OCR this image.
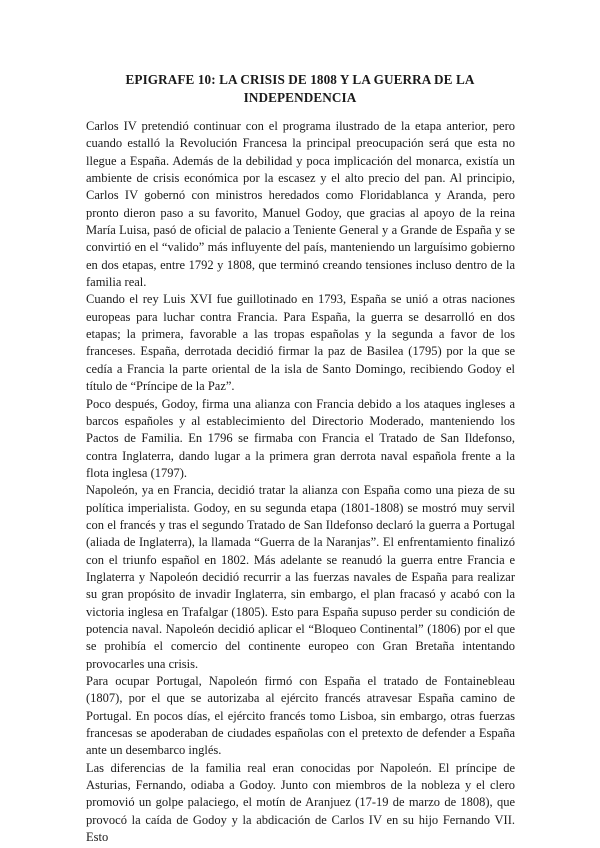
EPIGRAFE 10: LA CRISIS DE 1808 Y LA GUERRA DE LA INDEPENDENCIA

Carlos IV pretendió continuar con el programa ilustrado de la etapa anterior, pero cuando estalló la Revolución Francesa la principal preocupación será que esta no llegue a España. Además de la debilidad y poca implicación del monarca, existía un ambiente de crisis económica por la escasez y el alto precio del pan. Al principio, Carlos IV gobernó con ministros heredados como Floridablanca y Aranda, pero pronto dieron paso a su favorito, Manuel Godoy, que gracias al apoyo de la reina María Luisa, pasó de oficial de palacio a Teniente General y a Grande de España y se convirtió en el “valido” más influyente del país, manteniendo un larguísimo gobierno en dos etapas, entre 1792 y 1808, que terminó creando tensiones incluso dentro de la familia real.

Cuando el rey Luis XVI fue guillotinado en 1793, España se unió a otras naciones europeas para luchar contra Francia. Para España, la guerra se desarrolló en dos etapas; la primera, favorable a las tropas españolas y la segunda a favor de los franceses. España, derrotada decidió firmar la paz de Basilea (1795) por la que se cedía a Francia la parte oriental de la isla de Santo Domingo, recibiendo Godoy el título de “Príncipe de la Paz”.

Poco después, Godoy, firma una alianza con Francia debido a los ataques ingleses a barcos españoles y al establecimiento del Directorio Moderado, manteniendo los Pactos de Familia. En 1796 se firmaba con Francia el Tratado de San Ildefonso, contra Inglaterra, dando lugar a la primera gran derrota naval española frente a la flota inglesa (1797).

Napoleón, ya en Francia, decidió tratar la alianza con España como una pieza de su política imperialista. Godoy, en su segunda etapa (1801-1808) se mostró muy servil con el francés y tras el segundo Tratado de San Ildefonso declaró la guerra a Portugal (aliada de Inglaterra), la llamada “Guerra de la Naranjas”. El enfrentamiento finalizó con el triunfo español en 1802. Más adelante se reanudó la guerra entre Francia e Inglaterra y Napoleón decidió recurrir a las fuerzas navales de España para realizar su gran propósito de invadir Inglaterra, sin embargo, el plan fracasó y acabó con la victoria inglesa en Trafalgar (1805). Esto para España supuso perder su condición de potencia naval. Napoleón decidió aplicar el “Bloqueo Continental” (1806) por el que se prohibía el comercio del continente europeo con Gran Bretaña intentando provocarles una crisis.

Para ocupar Portugal, Napoleón firmó con España el tratado de Fontainebleau (1807), por el que se autorizaba al ejército francés atravesar España camino de Portugal. En pocos días, el ejército francés tomo Lisboa, sin embargo, otras fuerzas francesas se apoderaban de ciudades españolas con el pretexto de defender a España ante un desembarco inglés.

Las diferencias de la familia real eran conocidas por Napoleón. El príncipe de Asturias, Fernando, odiaba a Godoy. Junto con miembros de la nobleza y el clero promovió un golpe palaciego, el motín de Aranjuez (17-19 de marzo de 1808), que provocó la caída de Godoy y la abdicación de Carlos IV en su hijo Fernando VII. Esto
